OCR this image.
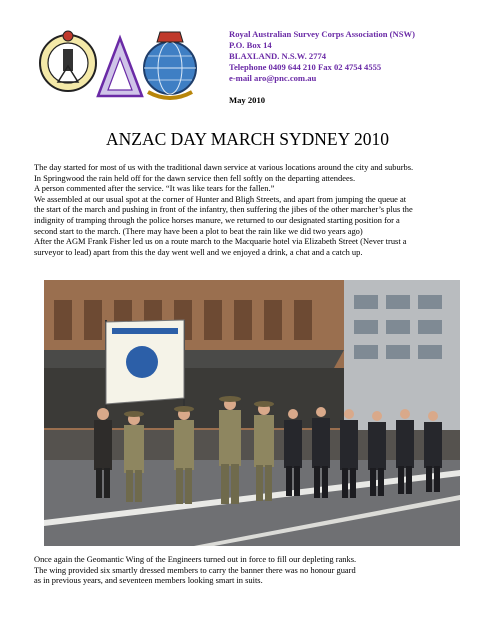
Royal Australian Survey Corps Association (NSW)
P.O. Box 14
BLAXLAND. N.S.W. 2774
Telephone 0409 644 210 Fax 02 4754 4555
e-mail aro@pnc.com.au
May 2010
ANZAC DAY MARCH SYDNEY 2010

The day started for most of us with the traditional dawn service at various locations around the city and suburbs.

In Springwood the rain held off for the dawn service then fell softly on the departing attendees.

A person commented after the service. “It was like tears for the fallen.”

We assembled at our usual spot at the corner of Hunter and Bligh Streets, and apart from jumping the queue at

the start of the march and pushing in front of the infantry, then suffering the jibes of the other marcher’s plus the

indignity of tramping through the police horses manure, we returned to our designated starting position for a

second start to the march. (There may have been a plot to beat the rain like we did two years ago)

After the AGM Frank Fisher led us on a route march to the Macquarie hotel via Elizabeth Street (Never trust a

surveyor to lead) apart from this the day went well and we enjoyed a drink, a chat and a catch up.

Once again the Geomantic Wing of the Engineers turned out in force to fill our depleting ranks.

The wing provided six smartly dressed members to carry the banner there was no honour guard

as in previous years, and seventeen members looking smart in suits.
